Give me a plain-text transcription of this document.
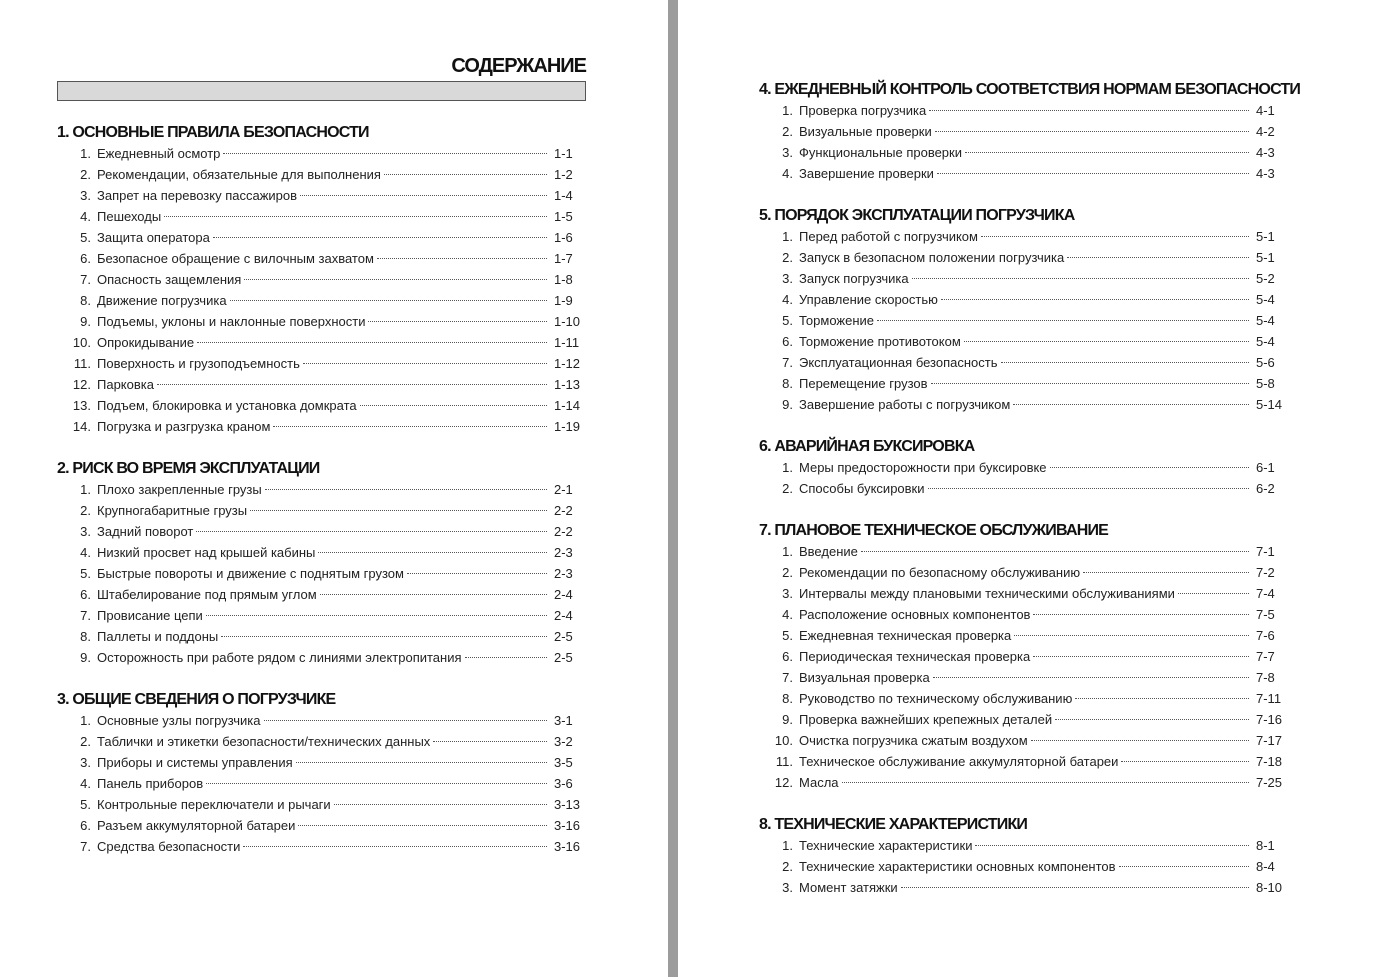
СОДЕРЖАНИЕ
1. ОСНОВНЫЕ ПРАВИЛА БЕЗОПАСНОСТИ
1. Ежедневный осмотр	1-1
2. Рекомендации, обязательные для выполнения	1-2
3. Запрет на перевозку пассажиров	1-4
4. Пешеходы	1-5
5. Защита оператора	1-6
6. Безопасное обращение с вилочным захватом	1-7
7. Опасность защемления	1-8
8. Движение погрузчика	1-9
9. Подъемы, уклоны и наклонные поверхности	1-10
10. Опрокидывание	1-11
11. Поверхность и грузоподъемность	1-12
12. Парковка	1-13
13. Подъем, блокировка и установка домкрата	1-14
14. Погрузка и разгрузка краном	1-19
2. РИСК ВО ВРЕМЯ ЭКСПЛУАТАЦИИ
1. Плохо закрепленные грузы	2-1
2. Крупногабаритные грузы	2-2
3. Задний поворот	2-2
4. Низкий просвет над крышей кабины	2-3
5. Быстрые повороты и движение с поднятым грузом	2-3
6. Штабелирование под прямым углом	2-4
7. Провисание цепи	2-4
8. Паллеты и поддоны	2-5
9. Осторожность при работе рядом с линиями электропитания	2-5
3. ОБЩИЕ СВЕДЕНИЯ О ПОГРУЗЧИКЕ
1. Основные узлы погрузчика	3-1
2. Таблички и этикетки безопасности/технических данных	3-2
3. Приборы и системы управления	3-5
4. Панель приборов	3-6
5. Контрольные переключатели и рычаги	3-13
6. Разъем аккумуляторной батареи	3-16
7. Средства безопасности	3-16
4. ЕЖЕДНЕВНЫЙ КОНТРОЛЬ СООТВЕТСТВИЯ НОРМАМ БЕЗОПАСНОСТИ
1. Проверка погрузчика	4-1
2. Визуальные проверки	4-2
3. Функциональные проверки	4-3
4. Завершение проверки	4-3
5. ПОРЯДОК ЭКСПЛУАТАЦИИ ПОГРУЗЧИКА
1. Перед работой с погрузчиком	5-1
2. Запуск в безопасном положении погрузчика	5-1
3. Запуск погрузчика	5-2
4. Управление скоростью	5-4
5. Торможение	5-4
6. Торможение противотоком	5-4
7. Эксплуатационная безопасность	5-6
8. Перемещение грузов	5-8
9. Завершение работы с погрузчиком	5-14
6. АВАРИЙНАЯ БУКСИРОВКА
1. Меры предосторожности при буксировке	6-1
2. Способы буксировки	6-2
7. ПЛАНОВОЕ ТЕХНИЧЕСКОЕ ОБСЛУЖИВАНИЕ
1. Введение	7-1
2. Рекомендации по безопасному обслуживанию	7-2
3. Интервалы между плановыми техническими обслуживаниями	7-4
4. Расположение основных компонентов	7-5
5. Ежедневная техническая проверка	7-6
6. Периодическая техническая проверка	7-7
7. Визуальная проверка	7-8
8. Руководство по техническому обслуживанию	7-11
9. Проверка важнейших крепежных деталей	7-16
10. Очистка погрузчика сжатым воздухом	7-17
11. Техническое обслуживание аккумуляторной батареи	7-18
12. Масла	7-25
8. ТЕХНИЧЕСКИЕ ХАРАКТЕРИСТИКИ
1. Технические характеристики	8-1
2. Технические характеристики основных компонентов	8-4
3. Момент затяжки	8-10
